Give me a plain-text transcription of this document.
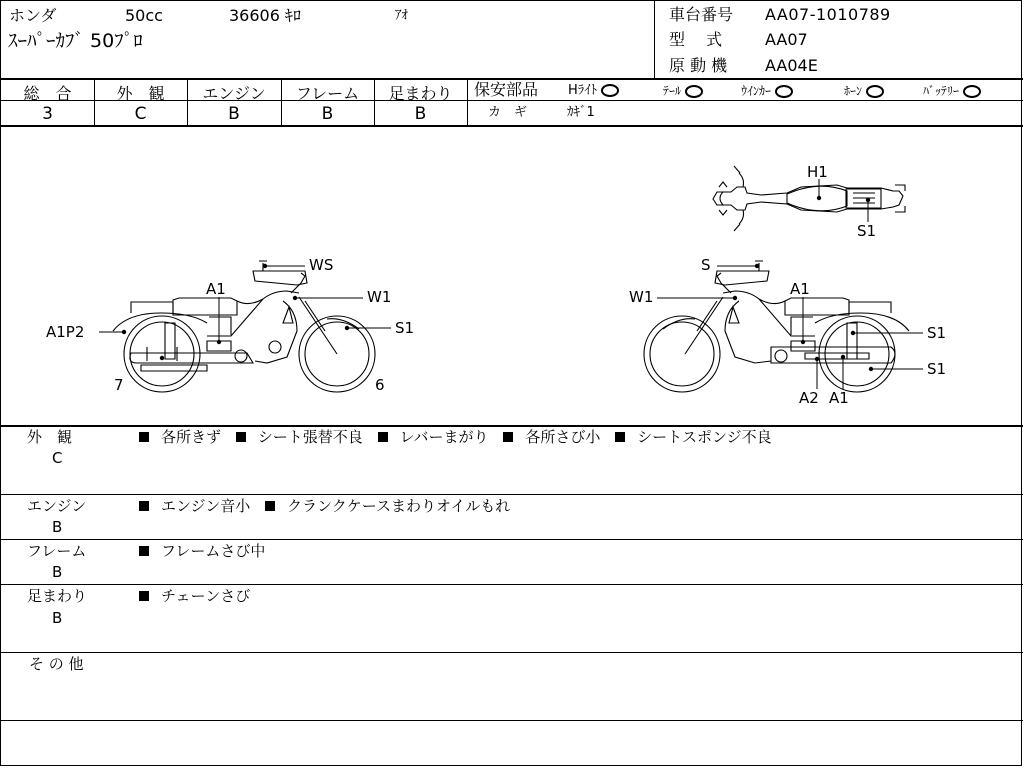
ホンダ	50cc	36606 ｷﾛ	ｱｵ
ｽｰﾊﾟｰｶﾌﾞ 50ﾌﾟﾛ
車台番号 AA07-1010789
型　 式	AA07
原 動 機 AA04E
総　合	外　観	エンジン	フレーム	足まわり
3	C	B	B	B
保安部品 Hﾗｲﾄ	ﾃｰﾙ	ｳｲﾝｶｰ	ﾎｰﾝ	ﾊﾞｯﾃﾘｰ
カ　ギ	ｶｷﾞ1
H1
S1
WS
A1	W1
A1P2	S1
7	6
S
W1	A1
S1
S1
A2 A1
外　観
C
各所きず シート張替不良 レバーまがり 各所さび小 シートスポンジ不良
エンジン
B
エンジン音小 クランクケースまわりオイルもれ
フレーム
B
フレームさび中
足まわり
B
チェーンさび
そ の 他
